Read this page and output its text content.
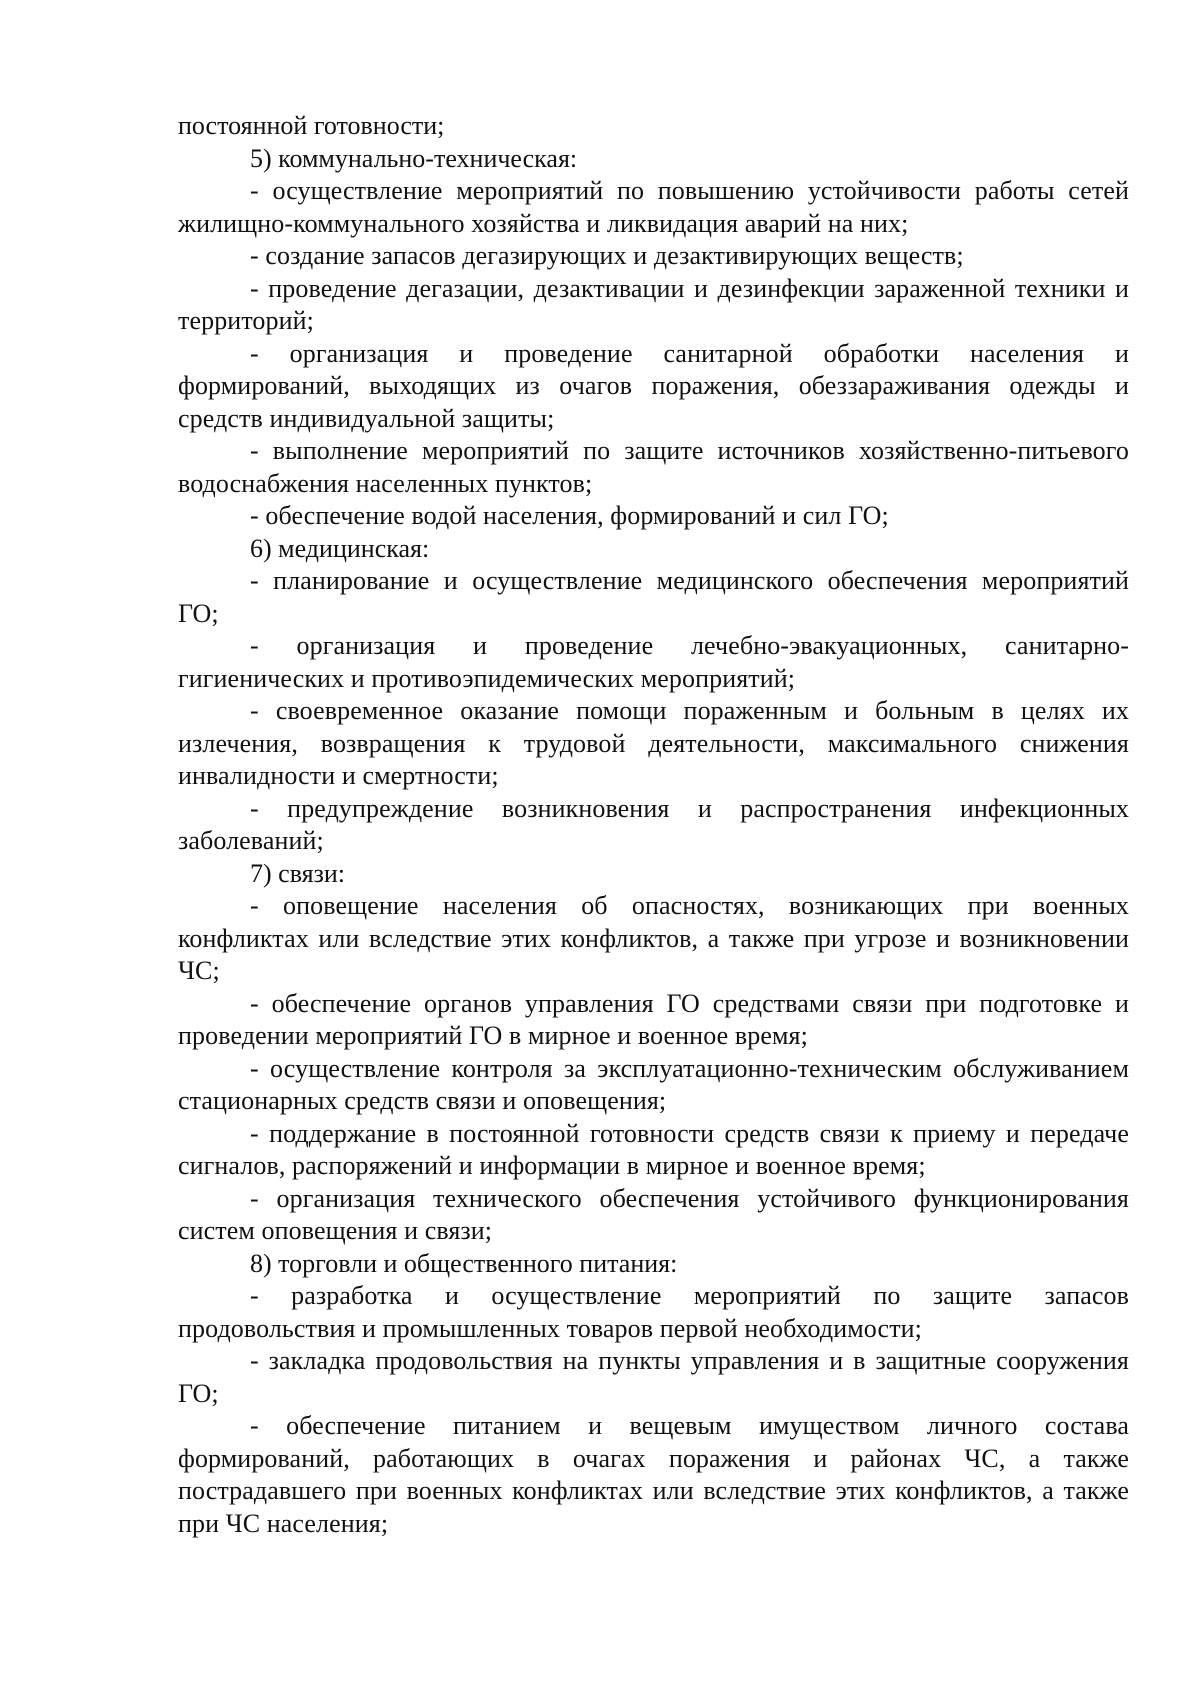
постоянной готовности;

5) коммунально-техническая:

- осуществление мероприятий по повышению устойчивости работы сетей жилищно-коммунального хозяйства и ликвидация аварий на них;

- создание запасов дегазирующих и дезактивирующих веществ;

- проведение дегазации, дезактивации и дезинфекции зараженной техники и территорий;

- организация и проведение санитарной обработки населения и формирований, выходящих из очагов поражения, обеззараживания одежды и средств индивидуальной защиты;

- выполнение мероприятий по защите источников хозяйственно-питьевого водоснабжения населенных пунктов;

- обеспечение водой населения, формирований и сил ГО;

6) медицинская:

- планирование и осуществление медицинского обеспечения мероприятий ГО;

- организация и проведение лечебно-эвакуационных, санитарно-гигиенических и противоэпидемических мероприятий;

- своевременное оказание помощи пораженным и больным в целях их излечения, возвращения к трудовой деятельности, максимального снижения инвалидности и смертности;

- предупреждение возникновения и распространения инфекционных заболеваний;

7) связи:

- оповещение населения об опасностях, возникающих при военных конфликтах или вследствие этих конфликтов, а также при угрозе и возникновении ЧС;

- обеспечение органов управления ГО средствами связи при подготовке и проведении мероприятий ГО в мирное и военное время;

- осуществление контроля за эксплуатационно-техническим обслуживанием стационарных средств связи и оповещения;

- поддержание в постоянной готовности средств связи к приему и передаче сигналов, распоряжений и информации в мирное и военное время;

- организация технического обеспечения устойчивого функционирования систем оповещения и связи;

8) торговли и общественного питания:

- разработка и осуществление мероприятий по защите запасов продовольствия и промышленных товаров первой необходимости;

- закладка продовольствия на пункты управления и в защитные сооружения ГО;

- обеспечение питанием и вещевым имуществом личного состава формирований, работающих в очагах поражения и районах ЧС, а также пострадавшего при военных конфликтах или вследствие этих конфликтов, а также при ЧС населения;
